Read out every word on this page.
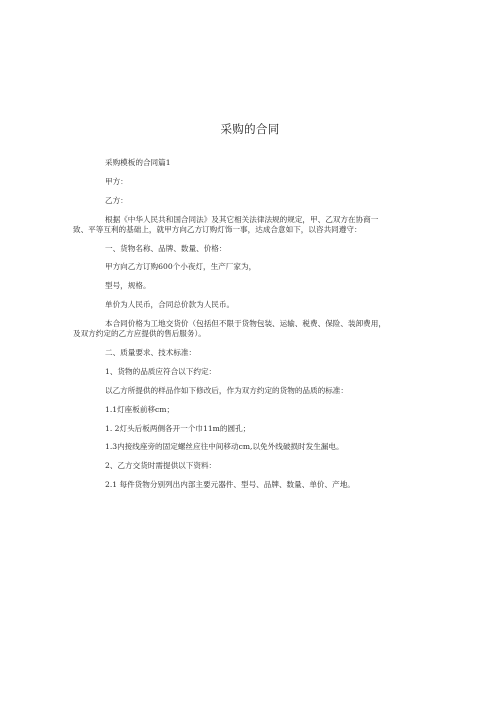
采购的合同

采购模板的合同篇1

甲方：

乙方：

根据《中华人民共和国合同法》及其它相关法律法规的规定，甲、乙双方在协商一
致、平等互利的基础上，就甲方向乙方订购灯饰一事，达成合意如下，以咨共同遵守：

一、货物名称、品牌、数量、价格：

甲方向乙方订购600个小夜灯，生产厂家为，

型号，规格。

单价为人民币，合同总价款为人民币。

本合同价格为工地交货价（包括但不限于货物包装、运输、税费、保险、装卸费用，
及双方约定的乙方应提供的售后服务）。

二、质量要求、技术标准：

1、货物的品质应符合以下约定：

以乙方所提供的样品作如下修改后，作为双方约定的货物的品质的标准：

1.1灯座板前移cm；

1. 2灯头后板两侧各开一个巾11m的圆孔；

1.3内接线座旁的固定螺丝应往中间移动cm,以免外线破损时发生漏电。

2、乙方交货时需提供以下资料：

2.1 每件货物分别列出内部主要元器件、型号、品牌、数量、单价、产地。
